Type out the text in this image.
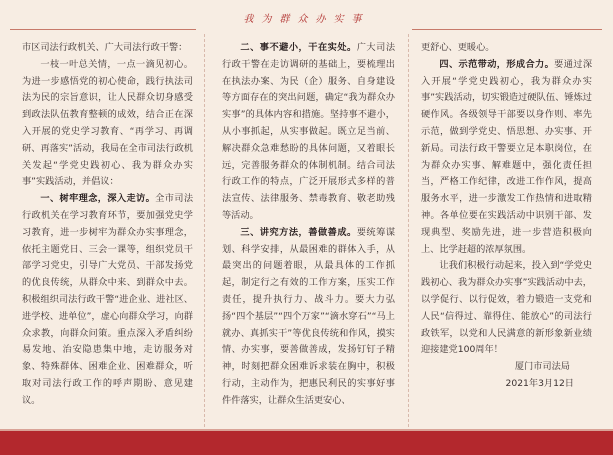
我为群众办实事

市区司法行政机关、广大司法行政干警：

一枝一叶总关情，一点一滴见初心。为进一步感悟党的初心使命，践行执法司法为民的宗旨意识，让人民群众切身感受到政法队伍教育整顿的成效，结合正在深入开展的党史学习教育、“再学习、再调研、再落实”活动，我局在全市司法行政机关发起“学党史践初心、我为群众办实事”实践活动，并倡议：

一、树牢理念，深入走访。全市司法行政机关在学习教育环节，要加强党史学习教育，进一步树牢为群众办实事理念，依托主题党日、三会一课等，组织党员干部学习党史，引导广大党员、干部发扬党的优良传统，从群众中来、到群众中去。积极组织司法行政干警“进企业、进社区、进学校、进单位”，虚心向群众学习，向群众求教，向群众问策。重点深入矛盾纠纷易发地、治安隐患集中地，走访服务对象、特殊群体、困难企业、困难群众，听取对司法行政工作的呼声期盼、意见建议。

二、事不避小，干在实处。广大司法行政干警在走访调研的基础上，要梳理出在执法办案、为民（企）服务、自身建设等方面存在的突出问题，确定“我为群众办实事”的具体内容和措施。坚持事不避小，从小事抓起，从实事做起。既立足当前、解决群众急难愁盼的具体问题，又着眼长远，完善服务群众的体制机制。结合司法行政工作的特点，广泛开展形式多样的普法宣传、法律服务、禁毒教育、敬老助残等活动。

三、讲究方法，善做善成。要统筹谋划、科学安排，从最困难的群体入手，从最突出的问题着眼，从最具体的工作抓起，制定行之有效的工作方案，压实工作责任，提升执行力、战斗力。要大力弘扬“四个基层”“四个万家”“滴水穿石”“马上就办、真抓实干”等优良传统和作风，摸实情、办实事，要善做善成，发扬钉钉子精神，时刻把群众困难诉求装在胸中，积极行动，主动作为，把惠民利民的实事好事件件落实，让群众生活更安心、

更舒心、更暖心。

四、示范带动，形成合力。要通过深入开展“学党史践初心，我为群众办实事”实践活动，切实锻造过硬队伍、锤炼过硬作风。各级领导干部要以身作则、率先示范，做到学党史、悟思想、办实事、开新局。司法行政干警要立足本职岗位，在为群众办实事、解难题中，强化责任担当，严格工作纪律，改进工作作风，提高服务水平，进一步激发工作热情和进取精神。各单位要在实践活动中识别干部、发现典型、奖励先进，进一步营造积极向上、比学赶超的浓厚氛围。

让我们积极行动起来，投入到“学党史践初心、我为群众办实事”实践活动中去，以学促行、以行促效，着力锻造一支党和人民“信得过、靠得住、能放心”的司法行政铁军，以党和人民满意的新形象新业绩迎接建党100周年！

厦门市司法局

2021年3月12日
